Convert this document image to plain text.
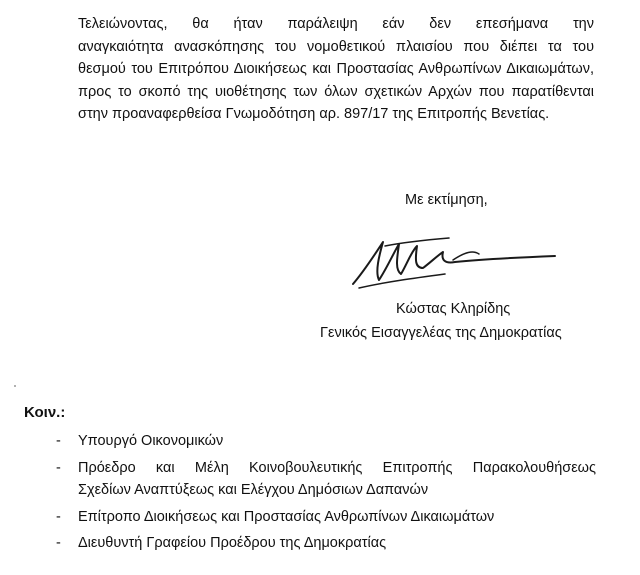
Τελειώνοντας, θα ήταν παράλειψη εάν δεν επεσήμανα την
αναγκαιότητα ανασκόπησης του νομοθετικού πλαισίου που διέπει τα του
θεσμού του Επιτρόπου Διοικήσεως και Προστασίας Ανθρωπίνων Δικαιωμάτων,
προς το σκοπό της υιοθέτησης των όλων σχετικών Αρχών που παρατίθενται
στην προαναφερθείσα Γνωμοδότηση αρ. 897/17 της Επιτροπής Βενετίας.
Με εκτίμηση,
Κώστας Κληρίδης
Γενικός Εισαγγελέας της Δημοκρατίας
Κοιν.:
- Υπουργό Οικονομικών
- Πρόεδρο και Μέλη Κοινοβουλευτικής Επιτροπής Παρακολουθήσεως
Σχεδίων Αναπτύξεως και Ελέγχου Δημόσιων Δαπανών
- Επίτροπο Διοικήσεως και Προστασίας Ανθρωπίνων Δικαιωμάτων
- Διευθυντή Γραφείου Προέδρου της Δημοκρατίας
